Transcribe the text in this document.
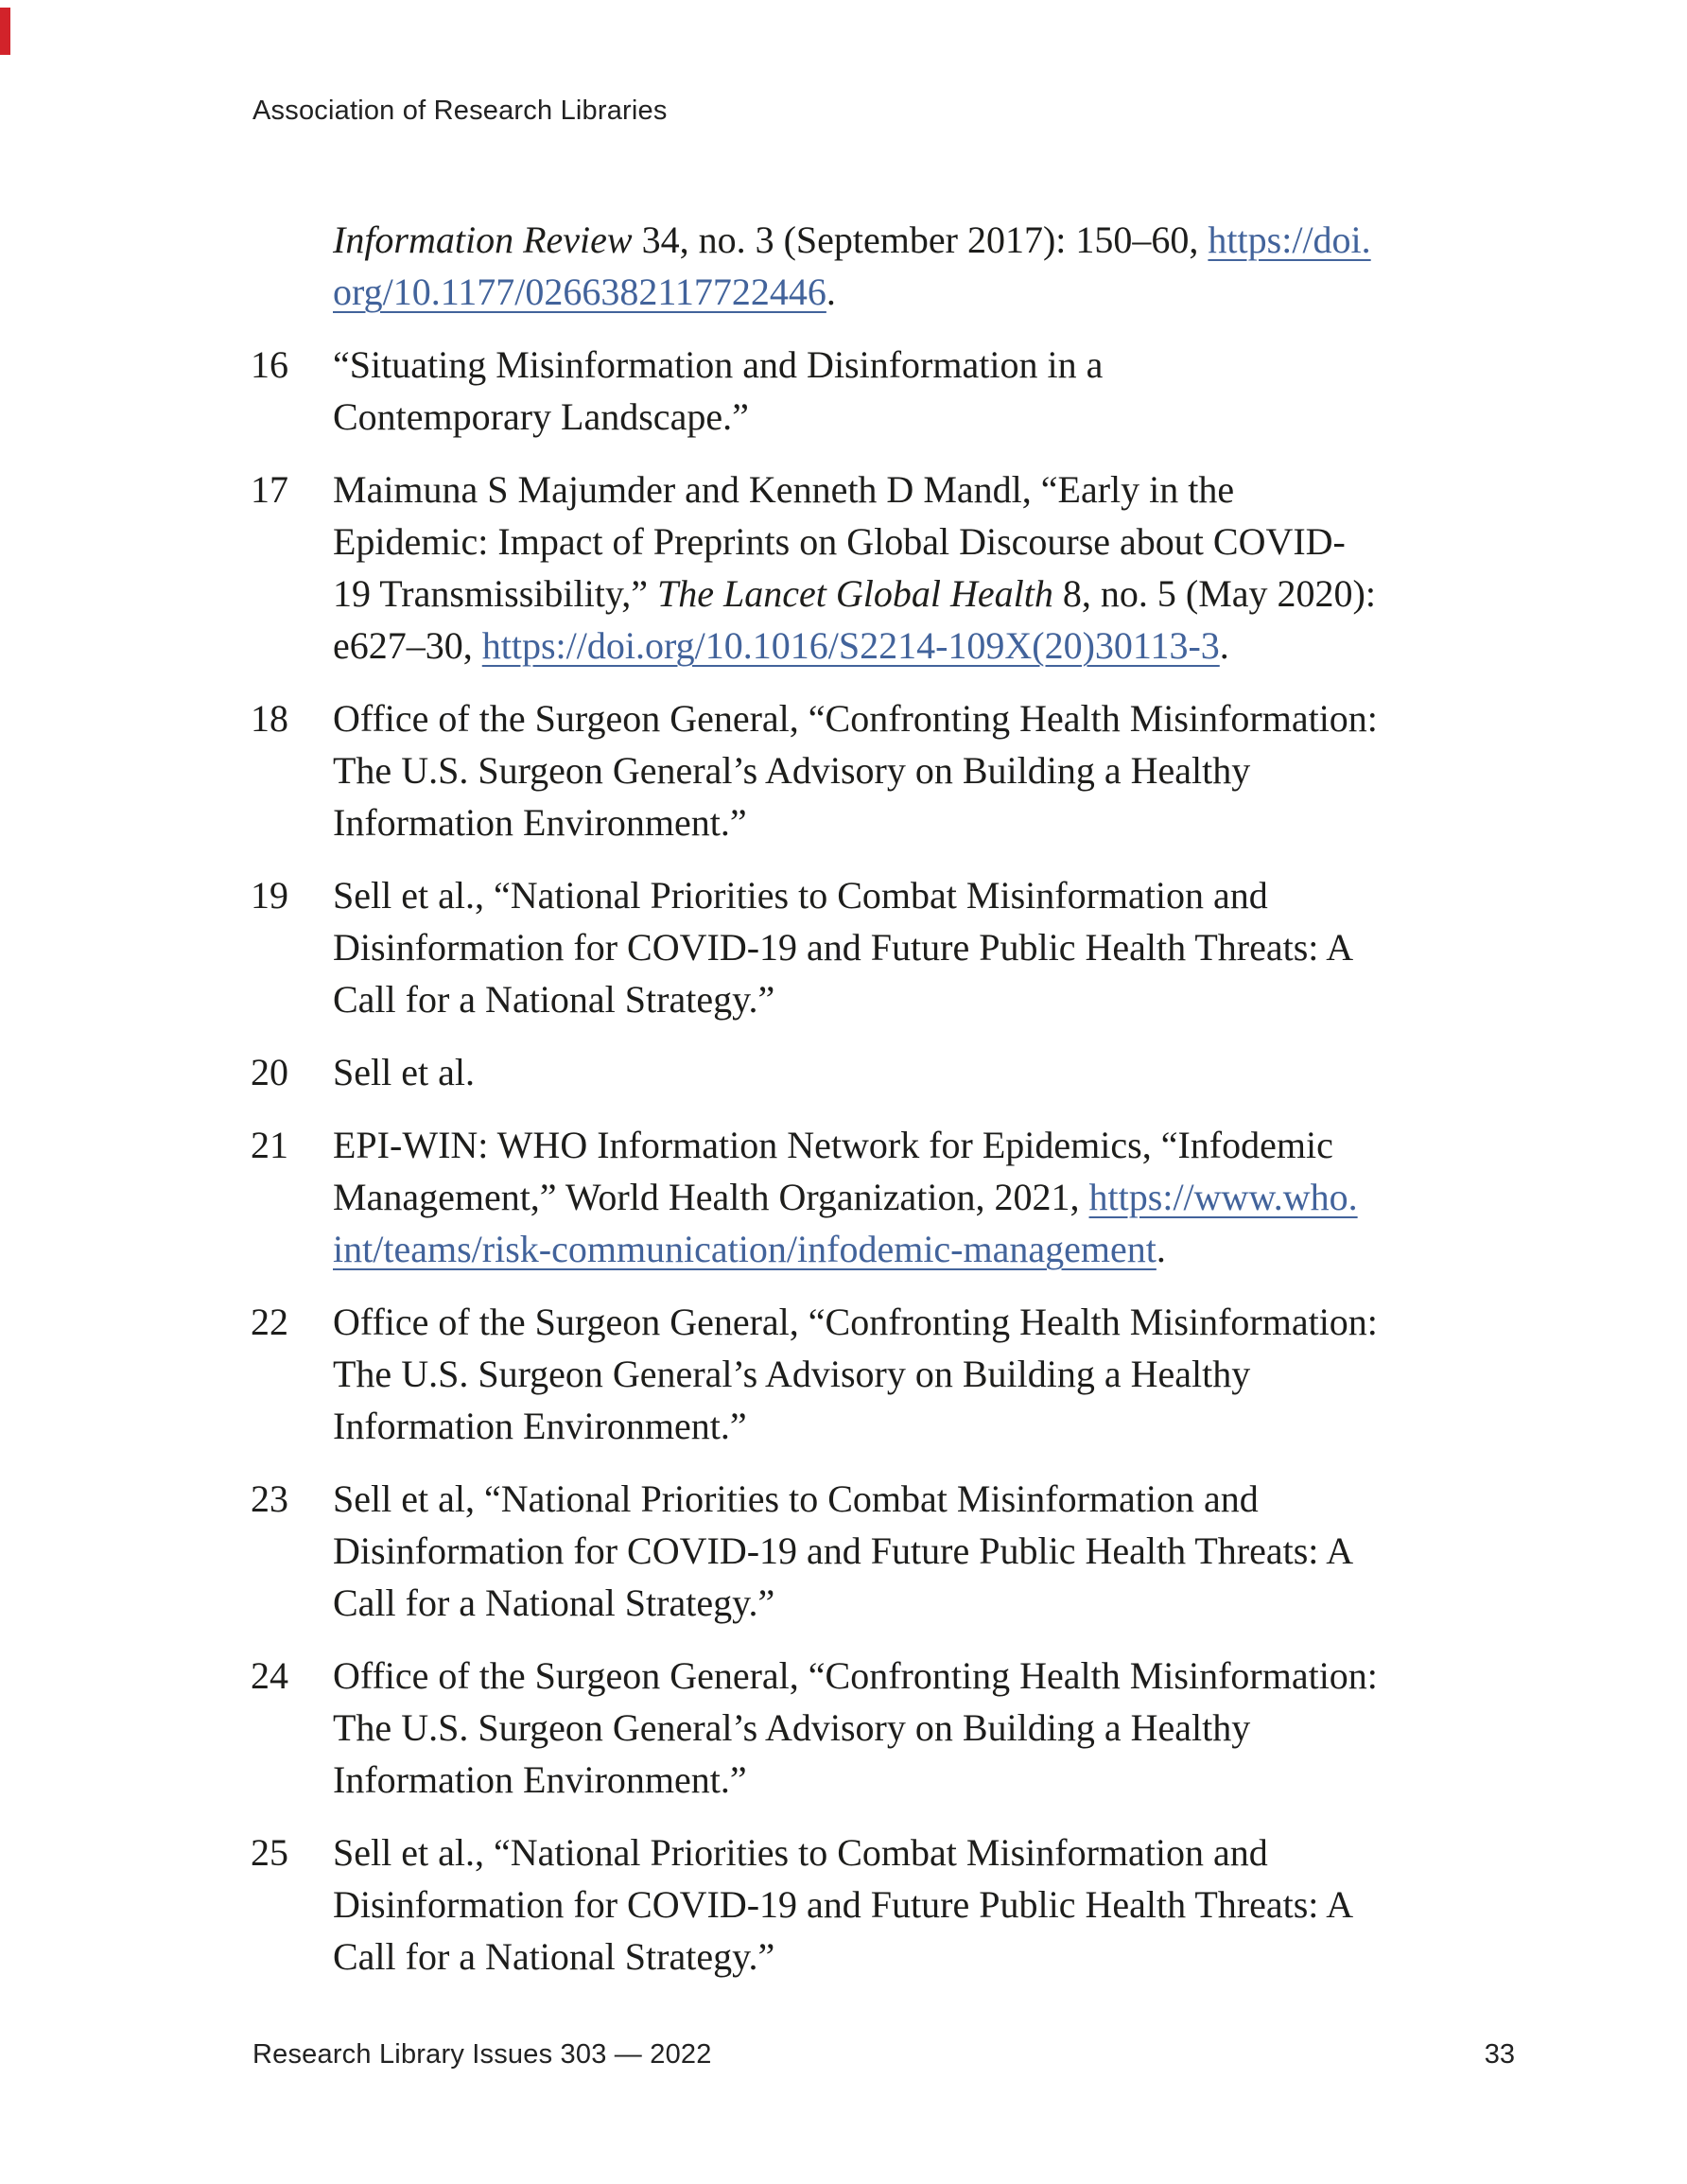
Association of Research Libraries
Information Review 34, no. 3 (September 2017): 150–60, https://doi.
org/10.1177/0266382117722446.
16	“Situating Misinformation and Disinformation in a
Contemporary Landscape.”
17	Maimuna S Majumder and Kenneth D Mandl, “Early in the
Epidemic: Impact of Preprints on Global Discourse about COVID-
19 Transmissibility,” The Lancet Global Health 8, no. 5 (May 2020):
e627–30, https://doi.org/10.1016/S2214-109X(20)30113-3.
18	Office of the Surgeon General, “Confronting Health Misinformation:
The U.S. Surgeon General’s Advisory on Building a Healthy
Information Environment.”
19	Sell et al., “National Priorities to Combat Misinformation and
Disinformation for COVID-19 and Future Public Health Threats: A
Call for a National Strategy.”
20	Sell et al.
21	EPI-WIN: WHO Information Network for Epidemics, “Infodemic
Management,” World Health Organization, 2021, https://www.who.
int/teams/risk-communication/infodemic-management.
22	Office of the Surgeon General, “Confronting Health Misinformation:
The U.S. Surgeon General’s Advisory on Building a Healthy
Information Environment.”
23	Sell et al, “National Priorities to Combat Misinformation and
Disinformation for COVID-19 and Future Public Health Threats: A
Call for a National Strategy.”
24	Office of the Surgeon General, “Confronting Health Misinformation:
The U.S. Surgeon General’s Advisory on Building a Healthy
Information Environment.”
25	Sell et al., “National Priorities to Combat Misinformation and
Disinformation for COVID-19 and Future Public Health Threats: A
Call for a National Strategy.”
Research Library Issues 303 — 2022	33
